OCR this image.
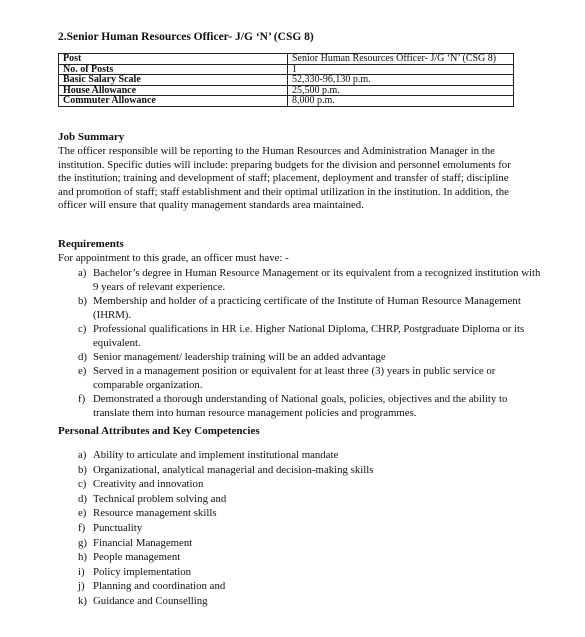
2.Senior Human Resources Officer- J/G ‘N’ (CSG 8)
Post	Senior Human Resources Officer- J/G ‘N’ (CSG 8)
No. of Posts	1
Basic Salary Scale	52,330-96,130 p.m.
House Allowance	25,500 p.m.
Commuter Allowance	8,000 p.m.
Job Summary
The officer responsible will be reporting to the Human Resources and Administration Manager in the institution. Specific duties will include: preparing budgets for the division and personnel emoluments for the institution; training and development of staff; placement, deployment and transfer of staff; discipline and promotion of staff; staff establishment and their optimal utilization in the institution. In addition, the officer will ensure that quality management standards area maintained.
Requirements
For appointment to this grade, an officer must have: -
a) Bachelor’s degree in Human Resource Management or its equivalent from a recognized institution with 9 years of relevant experience.
b) Membership and holder of a practicing certificate of the Institute of Human Resource Management (IHRM).
c) Professional qualifications in HR i.e. Higher National Diploma, CHRP, Postgraduate Diploma or its equivalent.
d) Senior management/ leadership training will be an added advantage
e) Served in a management position or equivalent for at least three (3) years in public service or comparable organization.
f) Demonstrated a thorough understanding of National goals, policies, objectives and the ability to translate them into human resource management policies and programmes.
Personal Attributes and Key Competencies
a) Ability to articulate and implement institutional mandate
b) Organizational, analytical managerial and decision-making skills
c) Creativity and innovation
d) Technical problem solving and
e) Resource management skills
f) Punctuality
g) Financial Management
h) People management
i) Policy implementation
j) Planning and coordination and
k) Guidance and Counselling
